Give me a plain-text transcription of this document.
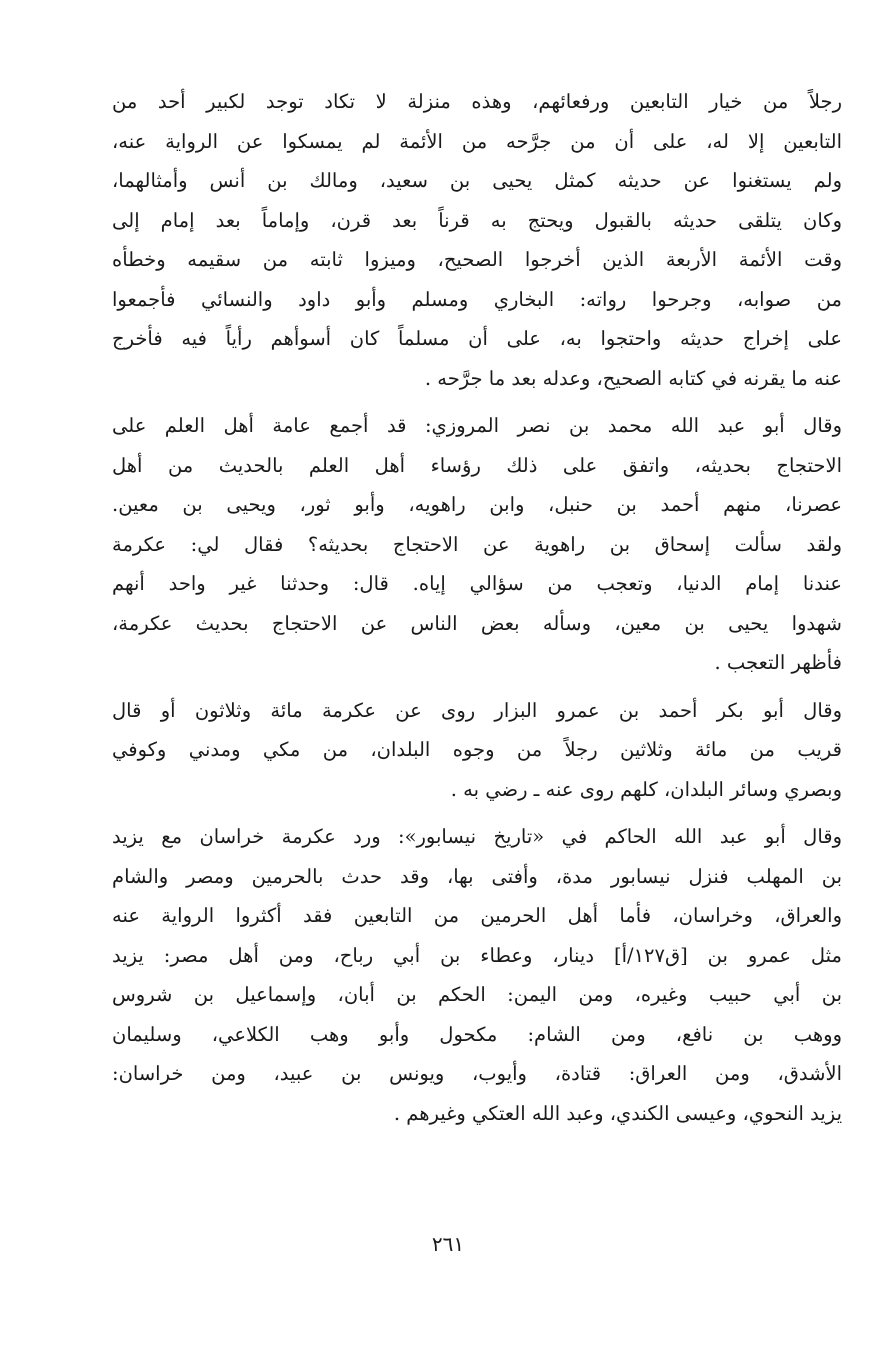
رجلاً من خيار التابعين ورفعائهم، وهذه منزلة لا تكاد توجد لكبير أحد من
التابعين إلا له، على أن من جرَّحه من الأئمة لم يمسكوا عن الرواية عنه،
ولم يستغنوا عن حديثه كمثل يحيى بن سعيد، ومالك بن أنس وأمثالهما،
وكان يتلقى حديثه بالقبول ويحتج به قرناً بعد قرن، وإماماً بعد إمام إلى
وقت الأئمة الأربعة الذين أخرجوا الصحيح، وميزوا ثابته من سقيمه وخطأه
من صوابه، وجرحوا رواته: البخاري ومسلم وأبو داود والنسائي فأجمعوا
على إخراج حديثه واحتجوا به، على أن مسلماً كان أسوأهم رأياً فيه فأخرج
عنه ما يقرنه في كتابه الصحيح، وعدله بعد ما جرَّحه .

وقال أبو عبد الله محمد بن نصر المروزي: قد أجمع عامة أهل العلم على
الاحتجاج بحديثه، واتفق على ذلك رؤساء أهل العلم بالحديث من أهل
عصرنا، منهم أحمد بن حنبل، وابن راهويه، وأبو ثور، ويحيى بن معين.
ولقد سألت إسحاق بن راهوية عن الاحتجاج بحديثه؟ فقال لي: عكرمة
عندنا إمام الدنيا، وتعجب من سؤالي إياه. قال: وحدثنا غير واحد أنهم
شهدوا يحيى بن معين، وسأله بعض الناس عن الاحتجاج بحديث عكرمة،
فأظهر التعجب .

وقال أبو بكر أحمد بن عمرو البزار روى عن عكرمة مائة وثلاثون أو قال
قريب من مائة وثلاثين رجلاً من وجوه البلدان، من مكي ومدني وكوفي
وبصري وسائر البلدان، كلهم روى عنه ـ رضي به .

وقال أبو عبد الله الحاكم في «تاريخ نيسابور»: ورد عكرمة خراسان مع يزيد
بن المهلب فنزل نيسابور مدة، وأفتى بها، وقد حدث بالحرمين ومصر والشام
والعراق، وخراسان، فأما أهل الحرمين من التابعين فقد أكثروا الرواية عنه
مثل عمرو بن [ق١٢٧/أ] دينار، وعطاء بن أبي رباح، ومن أهل مصر: يزيد
بن أبي حبيب وغيره، ومن اليمن: الحكم بن أبان، وإسماعيل بن شروس
ووهب بن نافع، ومن الشام: مكحول وأبو وهب الكلاعي، وسليمان
الأشدق، ومن العراق: قتادة، وأيوب، ويونس بن عبيد، ومن خراسان:
يزيد النحوي، وعيسى الكندي، وعبد الله العتكي وغيرهم .

٢٦١
